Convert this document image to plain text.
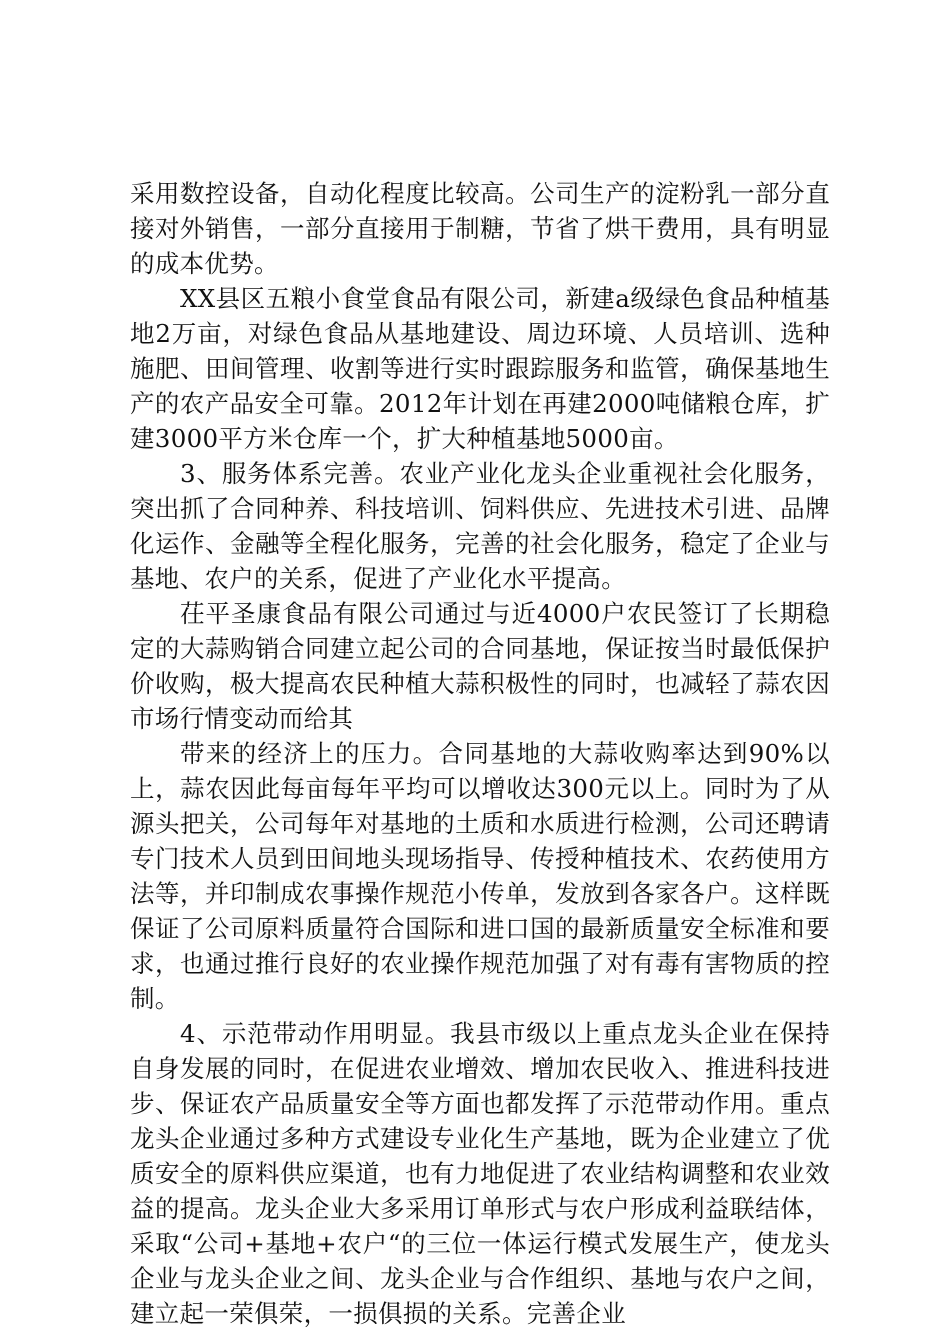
采用数控设备，自动化程度比较高。公司生产的淀粉乳一部分直接对外销售，一部分直接用于制糖，节省了烘干费用，具有明显的成本优势。

XX县区五粮小食堂食品有限公司，新建a级绿色食品种植基地2万亩，对绿色食品从基地建设、周边环境、人员培训、选种施肥、田间管理、收割等进行实时跟踪服务和监管，确保基地生产的农产品安全可靠。2012年计划在再建2000吨储粮仓库，扩建3000平方米仓库一个，扩大种植基地5000亩。

3、服务体系完善。农业产业化龙头企业重视社会化服务，突出抓了合同种养、科技培训、饲料供应、先进技术引进、品牌化运作、金融等全程化服务，完善的社会化服务，稳定了企业与基地、农户的关系，促进了产业化水平提高。

茌平圣康食品有限公司通过与近4000户农民签订了长期稳定的大蒜购销合同建立起公司的合同基地，保证按当时最低保护价收购，极大提高农民种植大蒜积极性的同时，也减轻了蒜农因市场行情变动而给其

带来的经济上的压力。合同基地的大蒜收购率达到90%以上，蒜农因此每亩每年平均可以增收达300元以上。同时为了从源头把关，公司每年对基地的土质和水质进行检测，公司还聘请专门技术人员到田间地头现场指导、传授种植技术、农药使用方法等，并印制成农事操作规范小传单，发放到各家各户。这样既保证了公司原料质量符合国际和进口国的最新质量安全标准和要求，也通过推行良好的农业操作规范加强了对有毒有害物质的控制。

4、示范带动作用明显。我县市级以上重点龙头企业在保持自身发展的同时，在促进农业增效、增加农民收入、推进科技进步、保证农产品质量安全等方面也都发挥了示范带动作用。重点龙头企业通过多种方式建设专业化生产基地，既为企业建立了优质安全的原料供应渠道，也有力地促进了农业结构调整和农业效益的提高。龙头企业大多采用订单形式与农户形成利益联结体，采取“公司+基地+农户“的三位一体运行模式发展生产，使龙头企业与龙头企业之间、龙头企业与合作组织、基地与农户之间，建立起一荣俱荣，一损俱损的关系。完善企业
